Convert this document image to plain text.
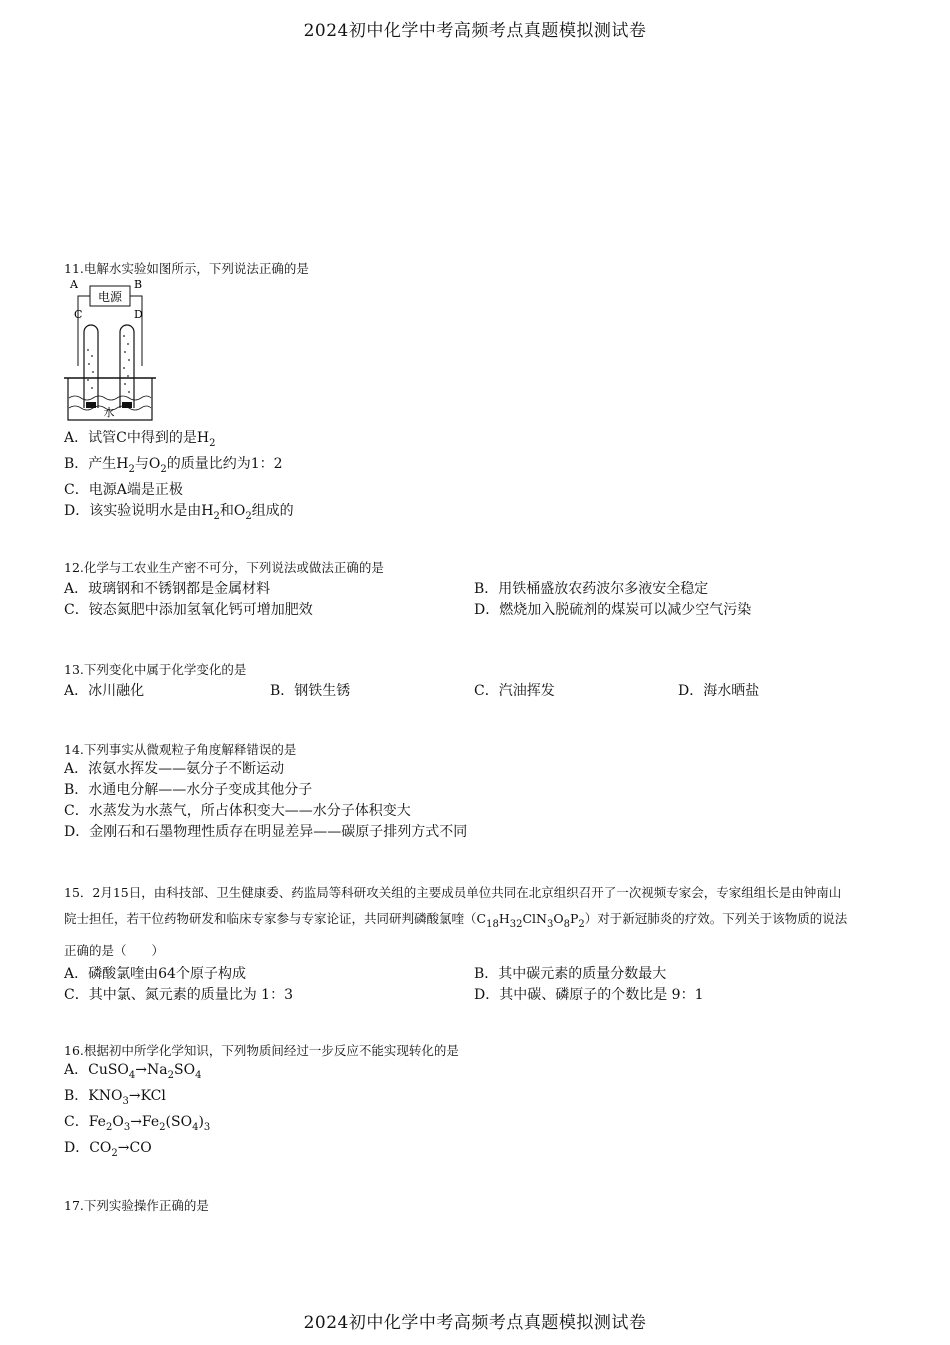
2024初中化学中考高频考点真题模拟测试卷
11.电解水实验如图所示，下列说法正确的是
电源
A	B
C	D
水
A．试管C中得到的是$H_2$
B．产生$H_2$与$O_2$的质量比约为1：2
C．电源A端是正极
D．该实验说明水是由$H_2$和$O_2$组成的
12.化学与工农业生产密不可分，下列说法或做法正确的是
A．玻璃钢和不锈钢都是金属材料	B．用铁桶盛放农药波尔多液安全稳定
C．铵态氮肥中添加氢氧化钙可增加肥效	D．燃烧加入脱硫剂的煤炭可以减少空气污染
13.下列变化中属于化学变化的是
A．冰川融化	B．钢铁生锈	C．汽油挥发	D．海水晒盐
14.下列事实从微观粒子角度解释错误的是
A．浓氨水挥发——氨分子不断运动
B．水通电分解——水分子变成其他分子
C．水蒸发为水蒸气，所占体积变大——水分子体积变大
D．金刚石和石墨物理性质存在明显差异——碳原子排列方式不同
15．2月15日，由科技部、卫生健康委、药监局等科研攻关组的主要成员单位共同在北京组织召开了一次视频专家会，专家组组长是由钟南山
院士担任，若干位药物研发和临床专家参与专家论证，共同研判磷酸氯喹$(C_{18}H_{32}ClN_3O_8P_2)$对于新冠肺炎的疗效。下列关于该物质的说法
正确的是（　　）
A．磷酸氯喹由64个原子构成	B．其中碳元素的质量分数最大
C．其中氯、氮元素的质量比为 1：3	D．其中碳、磷原子的个数比是 9：1
16.根据初中所学化学知识，下列物质间经过一步反应不能实现转化的是
A．$CuSO_4\to Na_2SO_4$
B．$KNO_3\to KCl$
C．$Fe_2O_3\to Fe_2(SO_4)_3$
D．$CO_2\to CO$
17.下列实验操作正确的是
2024初中化学中考高频考点真题模拟测试卷
